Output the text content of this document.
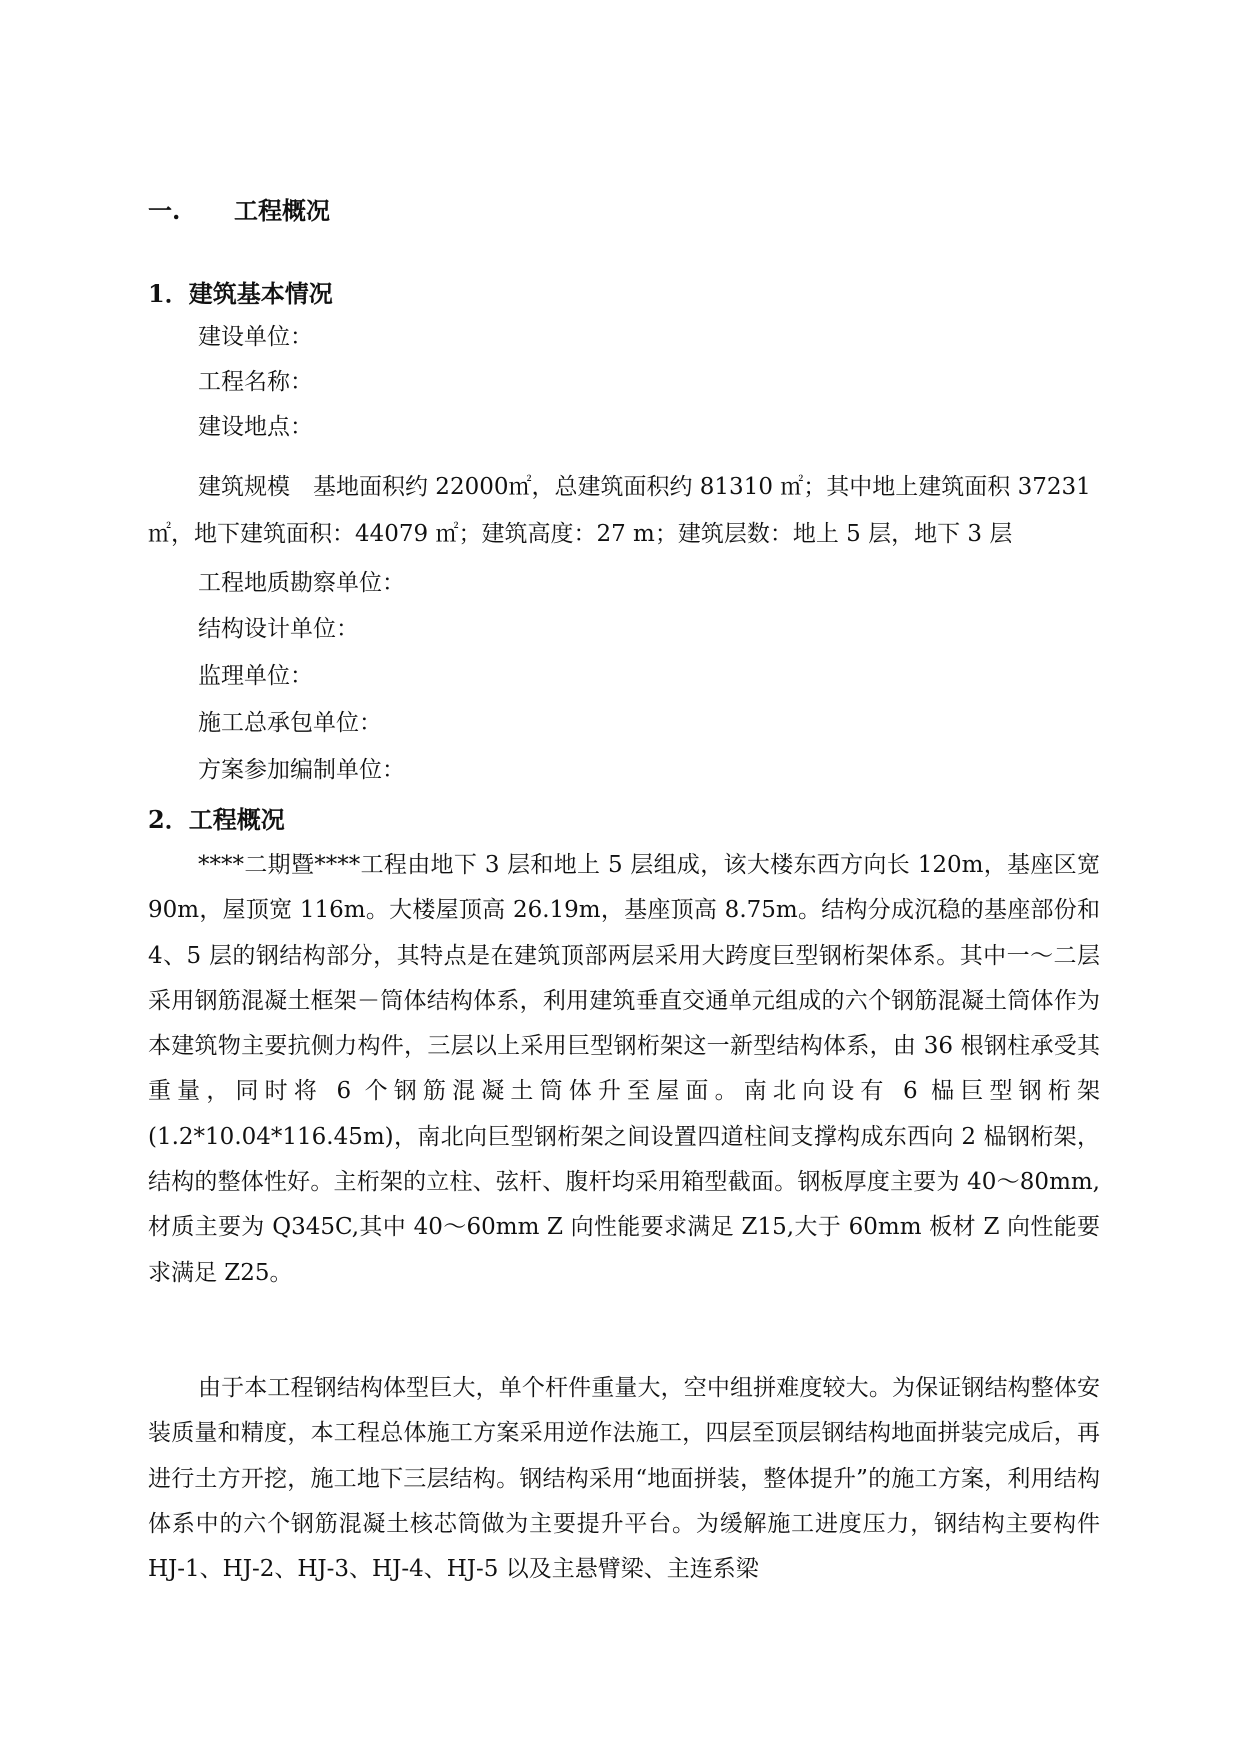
一. 工程概况
1．建筑基本情况
建设单位：
工程名称：
建设地点：
建筑规模　基地面积约 22000㎡，总建筑面积约 81310 ㎡；其中地上建筑面积 37231
㎡，地下建筑面积：44079 ㎡；建筑高度：27 m；建筑层数：地上 5 层，地下 3 层
工程地质勘察单位：
结构设计单位：
监理单位：
施工总承包单位：
方案参加编制单位：
2．工程概况

****二期暨****工程由地下 3 层和地上 5 层组成，该大楼东西方向长 120m，基座区宽 90m，屋顶宽 116m。大楼屋顶高 26.19m，基座顶高 8.75m。结构分成沉稳的基座部份和 4、5 层的钢结构部分，其特点是在建筑顶部两层采用大跨度巨型钢桁架体系。其中一～二层采用钢筋混凝土框架－筒体结构体系，利用建筑垂直交通单元组成的六个钢筋混凝土筒体作为本建筑物主要抗侧力构件，三层以上采用巨型钢桁架这一新型结构体系，由 36 根钢柱承受其重量，同时将 6 个钢筋混凝土筒体升至屋面。南北向设有 6 榀巨型钢桁架(1.2*10.04*116.45m)，南北向巨型钢桁架之间设置四道柱间支撑构成东西向 2 榀钢桁架，结构的整体性好。主桁架的立柱、弦杆、腹杆均采用箱型截面。钢板厚度主要为 40～80mm,材质主要为 Q345C,其中 40～60mm Z 向性能要求满足 Z15,大于 60mm 板材 Z 向性能要求满足 Z25。

由于本工程钢结构体型巨大，单个杆件重量大，空中组拼难度较大。为保证钢结构整体安装质量和精度，本工程总体施工方案采用逆作法施工，四层至顶层钢结构地面拼装完成后，再进行土方开挖，施工地下三层结构。钢结构采用“地面拼装，整体提升”的施工方案，利用结构体系中的六个钢筋混凝土核芯筒做为主要提升平台。为缓解施工进度压力，钢结构主要构件 HJ-1、HJ-2、HJ-3、HJ-4、HJ-5 以及主悬臂梁、主连系梁
